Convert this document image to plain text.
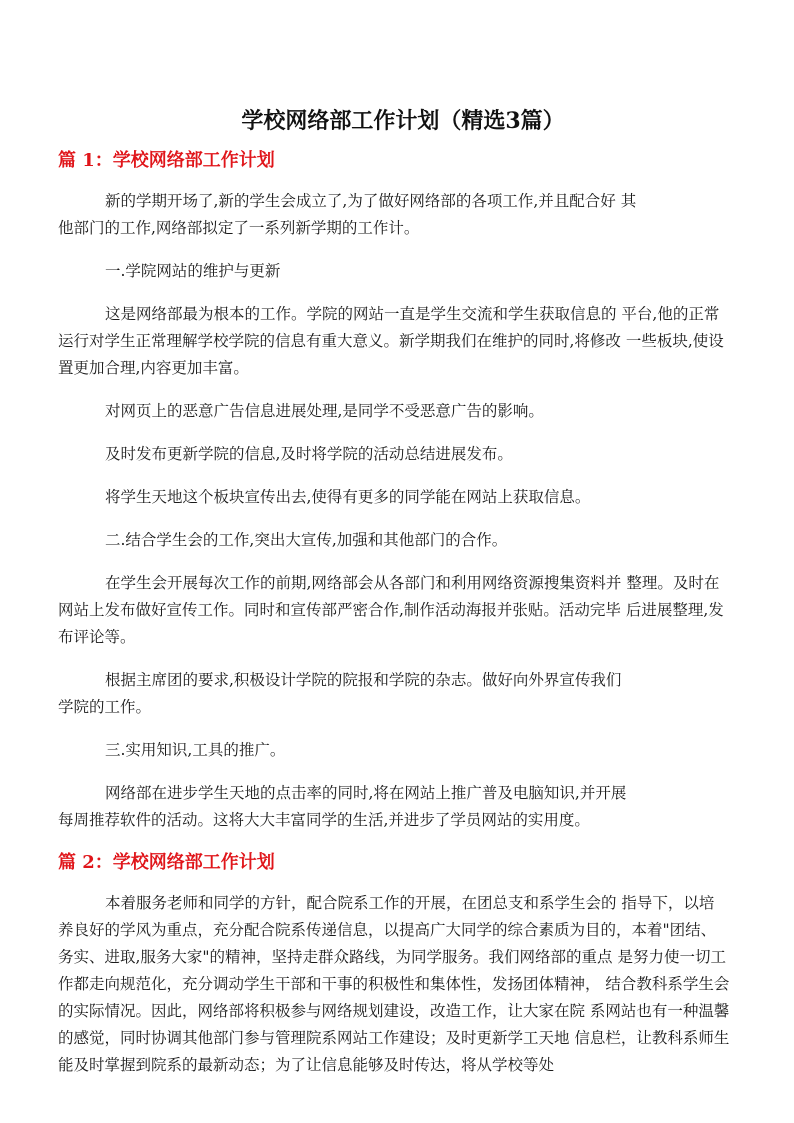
学校网络部工作计划（精选3篇）
篇 1：学校网络部工作计划
新的学期开场了,新的学生会成立了,为了做好网络部的各项工作,并且配合好 其
他部门的工作,网络部拟定了一系列新学期的工作计。
一.学院网站的维护与更新
这是网络部最为根本的工作。学院的网站一直是学生交流和学生获取信息的 平台,他的正常
运行对学生正常理解学校学院的信息有重大意义。新学期我们在维护的同时,将修改 一些板块,使设
置更加合理,内容更加丰富。
对网页上的恶意广告信息进展处理,是同学不受恶意广告的影响。
及时发布更新学院的信息,及时将学院的活动总结进展发布。
将学生天地这个板块宣传出去,使得有更多的同学能在网站上获取信息。
二.结合学生会的工作,突出大宣传,加强和其他部门的合作。
在学生会开展每次工作的前期,网络部会从各部门和利用网络资源搜集资料并 整理。及时在
网站上发布做好宣传工作。同时和宣传部严密合作,制作活动海报并张贴。活动完毕 后进展整理,发
布评论等。
根据主席团的要求,积极设计学院的院报和学院的杂志。做好向外界宣传我们
学院的工作。
三.实用知识,工具的推广。
网络部在进步学生天地的点击率的同时,将在网站上推广普及电脑知识,并开展
每周推荐软件的活动。这将大大丰富同学的生活,并进步了学员网站的实用度。
篇 2：学校网络部工作计划
本着服务老师和同学的方针，配合院系工作的开展，在团总支和系学生会的 指导下，以培
养良好的学风为重点，充分配合院系传递信息，以提高广大同学的综合素质为目的，本着"团结、
务实、进取,服务大家"的精神，坚持走群众路线，为同学服务。我们网络部的重点 是努力使一切工
作都走向规范化，充分调动学生干部和干事的积极性和集体性，发扬团体精神， 结合教科系学生会
的实际情况。因此，网络部将积极参与网络规划建设，改造工作，让大家在院 系网站也有一种温馨
的感觉，同时协调其他部门参与管理院系网站工作建设；及时更新学工天地 信息栏，让教科系师生
能及时掌握到院系的最新动态；为了让信息能够及时传达，将从学校等处
